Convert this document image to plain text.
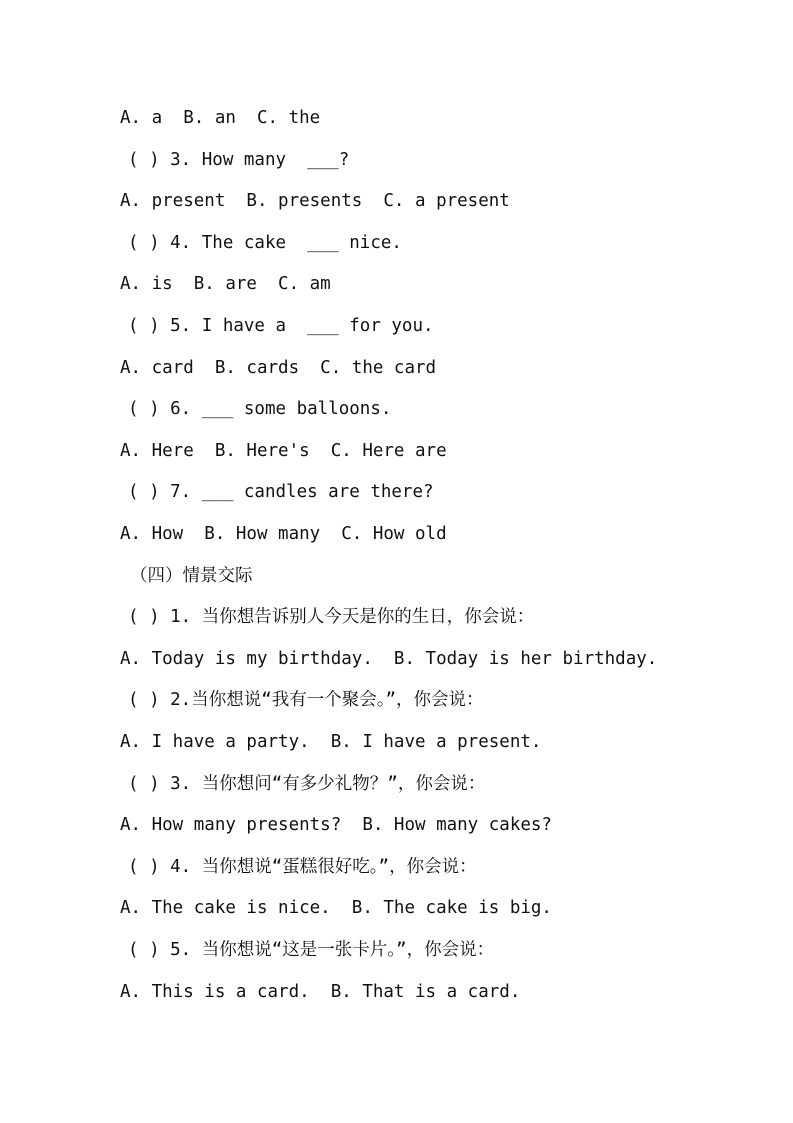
A. a  B. an  C. the

( ) 3. How many  ___?

A. present  B. presents  C. a present

( ) 4. The cake  ___ nice.

A. is  B. are  C. am

( ) 5. I have a  ___ for you.

A. card  B. cards  C. the card

( ) 6. ___ some balloons.

A. Here  B. Here's  C. Here are

( ) 7. ___ candles are there?

A. How  B. How many  C. How old

（四）情景交际

( ) 1. 当你想告诉别人今天是你的生日，你会说：

A. Today is my birthday.  B. Today is her birthday.

( ) 2.当你想说“我有一个聚会。”，你会说：

A. I have a party.  B. I have a present.

( ) 3. 当你想问“有多少礼物？”，你会说：

A. How many presents?  B. How many cakes?

( ) 4. 当你想说“蛋糕很好吃。”，你会说：

A. The cake is nice.  B. The cake is big.

( ) 5. 当你想说“这是一张卡片。”，你会说：

A. This is a card.  B. That is a card.
